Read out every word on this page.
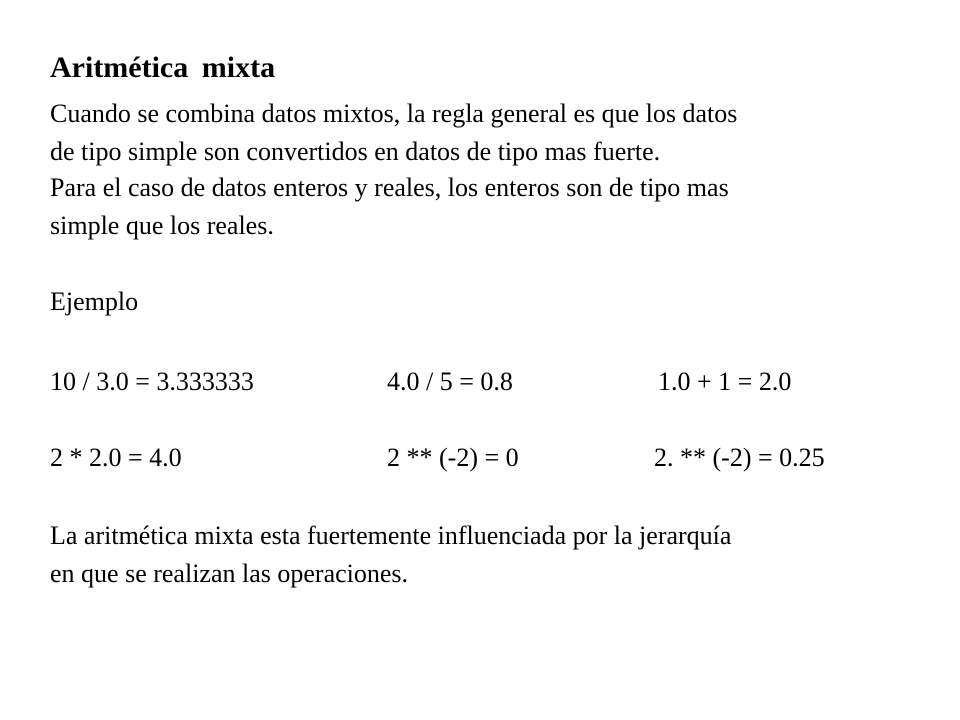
Aritmética mixta
Cuando se combina datos mixtos, la regla general es que los datos
de tipo simple son convertidos en datos de tipo mas fuerte.
Para el caso de datos enteros y reales, los enteros son de tipo mas
simple que los reales.
Ejemplo
10 / 3.0 = 3.333333	4.0 / 5 = 0.8	1.0 + 1 = 2.0
2 * 2.0 = 4.0	2 ** (-2) = 0	2. ** (-2) = 0.25
La aritmética mixta esta fuertemente influenciada por la jerarquía
en que se realizan las operaciones.
